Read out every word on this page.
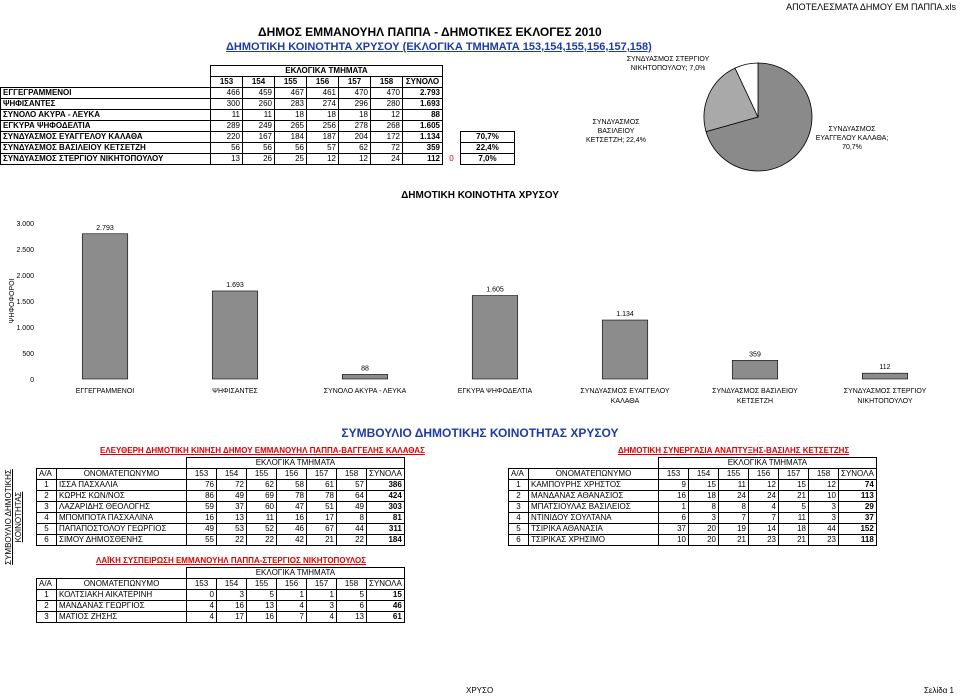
ΑΠΟΤΕΛΕΣΜΑΤΑ ΔΗΜΟΥ ΕΜ ΠΑΠΠΑ.xls
ΔΗΜΟΣ ΕΜΜΑΝΟΥΗΛ ΠΑΠΠΑ - ΔΗΜΟΤΙΚΕΣ ΕΚΛΟΓΕΣ 2010
ΔΗΜΟΤΙΚΗ ΚΟΙΝΟΤΗΤΑ ΧΡΥΣΟΥ (ΕΚΛΟΓΙΚΑ ΤΜΗΜΑΤΑ 153,154,155,156,157,158)
	ΕΚΛΟΓΙΚΑ ΤΜΗΜΑΤΑ								
	153	154	155	156	157	158	ΣΥΝΟΛΟ		
ΕΓΓΕΓΡΑΜΜΕΝΟΙ	466	459	467	461	470	470	2.793		
ΨΗΦΙΣΑΝΤΕΣ	300	260	283	274	296	280	1.693		
ΣΥΝΟΛΟ ΑΚΥΡΑ - ΛΕΥΚΑ	11	11	18	18	18	12	88		
ΕΓΚΥΡΑ ΨΗΦΟΔΕΛΤΙΑ	289	249	265	256	278	268	1.605		
ΣΥΝΔΥΑΣΜΟΣ ΕΥΑΓΓΕΛΟΥ ΚΑΛΑΘΑ	220	167	184	187	204	172	1.134		70,7%
ΣΥΝΔΥΑΣΜΟΣ ΒΑΣΙΛΕΙΟΥ ΚΕΤΣΕΤΖΗ	56	56	56	57	62	72	359		22,4%
ΣΥΝΔΥΑΣΜΟΣ ΣΤΕΡΓΙΟΥ ΝΙΚΗΤΟΠΟΥΛΟΥ	13	26	25	12	12	24	112	0	7,0%
ΣΥΝΔΥΑΣΜΟΣ ΣΤΕΡΓΙΟΥ ΝΙΚΗΤΟΠΟΥΛΟΥ; 7,0%
ΣΥΝΔΥΑΣΜΟΣ ΒΑΣΙΛΕΙΟΥ ΚΕΤΣΕΤΖΗ; 22,4%
ΣΥΝΔΥΑΣΜΟΣ ΕΥΑΓΓΕΛΟΥ ΚΑΛΑΘΑ; 70,7%
ΔΗΜΟΤΙΚΗ ΚΟΙΝΟΤΗΤΑ ΧΡΥΣΟΥ
0
500
1.000
1.500
2.000
2.500
3.000
ΨΗΦΟΦΟΡΟΙ
2.793
ΕΓΓΕΓΡΑΜΜΕΝΟΙ
1.693
ΨΗΦΙΣΑΝΤΕΣ
88
ΣΥΝΟΛΟ ΑΚΥΡΑ - ΛΕΥΚΑ
1.605
ΕΓΚΥΡΑ ΨΗΦΟΔΕΛΤΙΑ
1.134
ΣΥΝΔΥΑΣΜΟΣ ΕΥΑΓΓΕΛΟΥ ΚΑΛΑΘΑ
359
ΣΥΝΔΥΑΣΜΟΣ ΒΑΣΙΛΕΙΟΥ ΚΕΤΣΕΤΖΗ
112
ΣΥΝΔΥΑΣΜΟΣ ΣΤΕΡΓΙΟΥ ΝΙΚΗΤΟΠΟΥΛΟΥ
ΣΥΜΒΟΥΛΙΟ ΔΗΜΟΤΙΚΗΣ ΚΟΙΝΟΤΗΤΑΣ ΧΡΥΣΟΥ
ΣΥΜΒΟΥΛΙΟ ΔΗΜΟΤΙΚΗΣ ΚΟΙΝΟΤΗΤΑΣ
ΕΛΕΥΘΕΡΗ ΔΗΜΟΤΙΚΗ ΚΙΝΗΣΗ ΔΗΜΟΥ ΕΜΜΑΝΟΥΗΛ ΠΑΠΠΑ-ΒΑΓΓΕΛΗΣ ΚΑΛΑΘΑΣ
		ΕΚΛΟΓΙΚΑ ΤΜΗΜΑΤΑ						
Α/Α	ΟΝΟΜΑΤΕΠΩΝΥΜΟ	153	154	155	156	157	158	ΣΥΝΟΛΑ
1	ΙΣΣΑ ΠΑΣΧΑΛΙΑ	76	72	62	58	61	57	386
2	ΚΩΡΗΣ ΚΩΝ/ΝΟΣ	86	49	69	78	78	64	424
3	ΛΑΖΑΡΙΔΗΣ ΘΕΟΛΟΓΗΣ	59	37	60	47	51	49	303
4	ΜΠΟΜΠΟΤΑ ΠΑΣΧΑΛΙΝΑ	16	13	11	16	17	8	81
5	ΠΑΠΑΠΟΣΤΟΛΟΥ ΓΕΩΡΓΙΟΣ	49	53	52	46	67	44	311
6	ΣΙΜΟΥ ΔΗΜΟΣΘΕΝΗΣ	55	22	22	42	21	22	184
ΔΗΜΟΤΙΚΗ ΣΥΝΕΡΓΑΣΙΑ ΑΝΑΠΤΥΞΗΣ-ΒΑΣΙΛΗΣ ΚΕΤΣΕΤΖΗΣ
		ΕΚΛΟΓΙΚΑ ΤΜΗΜΑΤΑ						
Α/Α	ΟΝΟΜΑΤΕΠΩΝΥΜΟ	153	154	155	156	157	158	ΣΥΝΟΛΑ
1	ΚΑΜΠΟΥΡΗΣ ΧΡΗΣΤΟΣ	9	15	11	12	15	12	74
2	ΜΑΝΔΑΝΑΣ ΑΘΑΝΑΣΙΟΣ	16	18	24	24	21	10	113
3	ΜΠΑΤΣΙΟΥΛΑΣ ΒΑΣΙΛΕΙΟΣ	1	8	8	4	5	3	29
4	ΝΤΙΝΙΔΟΥ ΣΟΥΛΤΑΝΑ	6	3	7	7	11	3	37
5	ΤΣΙΡΙΚΑ ΑΘΑΝΑΣΙΑ	37	20	19	14	18	44	152
6	ΤΣΙΡΙΚΑΣ ΧΡΗΣΙΜΟ	10	20	21	23	21	23	118
ΛΑΪΚΗ ΣΥΣΠΕΙΡΩΣΗ ΕΜΜΑΝΟΥΗΛ ΠΑΠΠΑ-ΣΤΕΡΓΙΟΣ ΝΙΚΗΤΟΠΟΥΛΟΣ
		ΕΚΛΟΓΙΚΑ ΤΜΗΜΑΤΑ						
Α/Α	ΟΝΟΜΑΤΕΠΩΝΥΜΟ	153	154	155	156	157	158	ΣΥΝΟΛΑ
1	ΚΟΛΤΣΙΑΚΗ ΑΙΚΑΤΕΡΙΝΗ	0	3	5	1	1	5	15
2	ΜΑΝΔΑΝΑΣ ΓΕΩΡΓΙΟΣ	4	16	13	4	3	6	46
3	ΜΑΤΙΟΣ ΖΗΣΗΣ	4	17	16	7	4	13	61
ΧΡΥΣΟ	Σελίδα 1
